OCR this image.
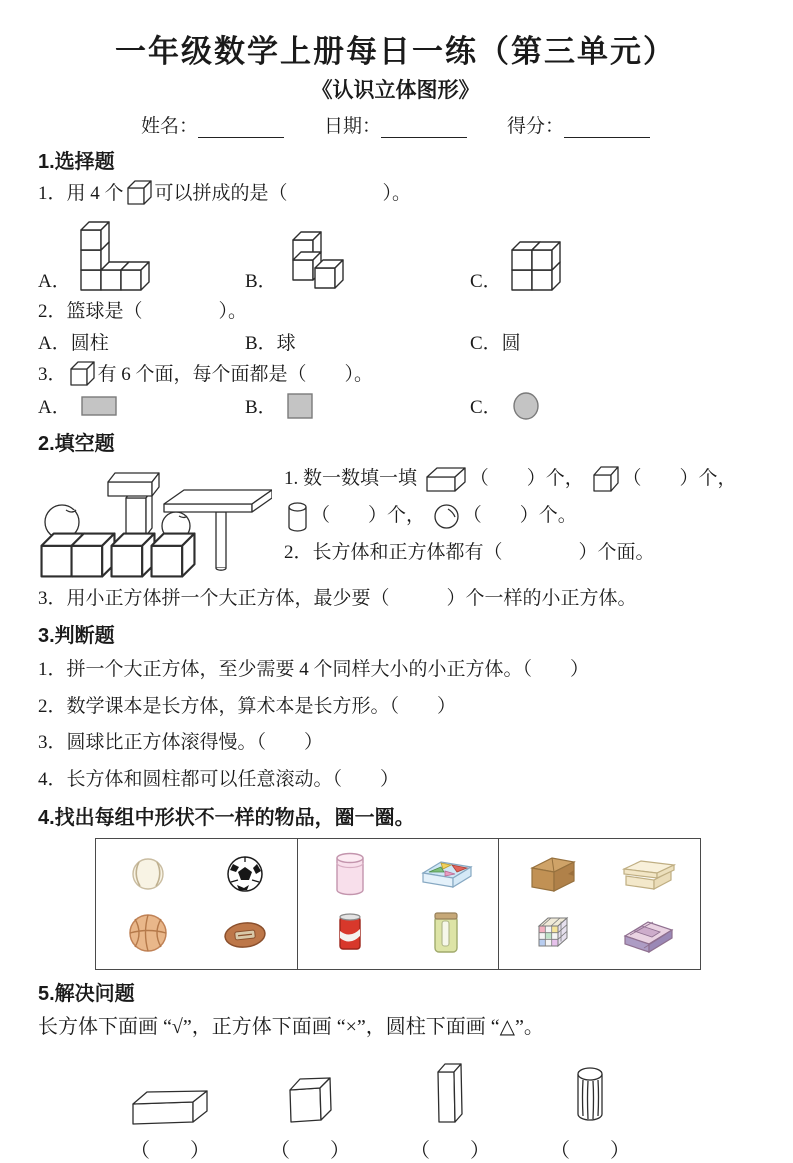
一年级数学上册每日一练（第三单元）
《认识立体图形》
姓名：	日期：	得分：
1.选择题
1．用 4 个 可以拼成的是（　　　　　）。
A．	B．	C．
2．篮球是（　　　　）。
A．圆柱	B．球	C．圆
3． 有 6 个面，每个面都是（　　）。
A．	B．	C．
2.填空题
1. 数一数填一填	（　　）个， （　　）个， （　　）个， （　　）个。
2．长方体和正方体都有（　　　　）个面。
3．用小正方体拼一个大正方体，最少要（　　　）个一样的小正方体。
3.判断题
1．拼一个大正方体，至少需要 4 个同样大小的小正方体。（　　）
2．数学课本是长方体，算术本是长方形。（　　）
3．圆球比正方体滚得慢。（　　）
4．长方体和圆柱都可以任意滚动。（　　）
4.找出每组中形状不一样的物品，圈一圈。
5.解决问题
长方体下面画 “√”，正方体下面画 “×”，圆柱下面画 “△”。
（　　）	（　　）	（　　）	（　　）
